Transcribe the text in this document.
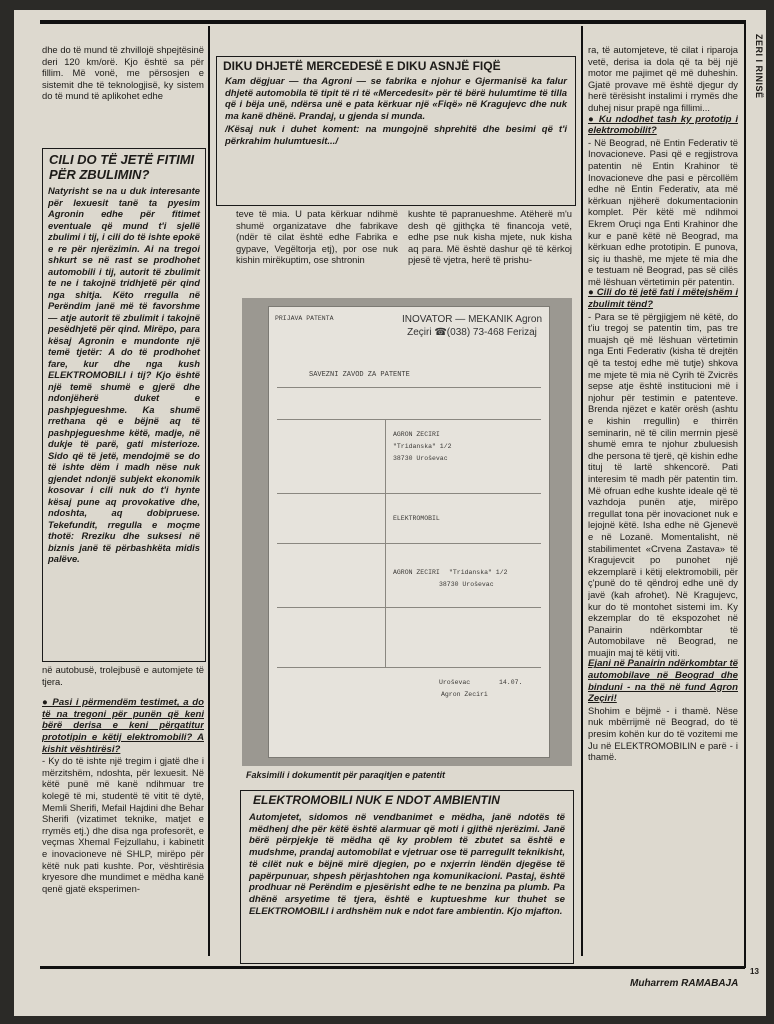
ZERI I RINISË

dhe do të mund të zhvillojë shpejtësinë deri 120 km/orë. Kjo është sa për fillim. Më vonë, me përsosjen e sistemit dhe të teknologjisë, ky sistem do të mund të aplikohet edhe

CILI DO TË JETË FITIMI PËR ZBULIMIN?

Natyrisht se na u duk interesante për lexuesit tanë ta pyesim Agronin edhe për fitimet eventuale që mund t'i sjellë zbulimi i tij, i cili do të ishte epokë e re për njerëzimin. Ai na tregoi shkurt se në rast se prodhohet automobili i tij, autorit të zbulimit te ne i takojnë tridhjetë për qind nga shitja. Këto rregulla në Perëndim janë më të favorshme — atje autorit të zbulimit i takojnë pesëdhjetë për qind. Mirëpo, para kësaj Agronin e mundonte një temë tjetër: A do të prodhohet fare, kur dhe nga kush ELEKTROMOBILI i tij? Kjo është një temë shumë e gjerë dhe ndonjëherë duket e pashpjegueshme. Ka shumë rrethana që e bëjnë aq të pashpjegueshme këtë, madje, në dukje të parë, gati misterioze. Sido që të jetë, mendojmë se do të ishte dëm i madh nëse nuk gjendet ndonjë subjekt ekonomik kosovar i cili nuk do t'i hynte kësaj pune aq provokative dhe, ndoshta, aq dobipruese. Tekefundit, rregulla e moçme thotë: Rreziku dhe suksesi në biznis janë të përbashkëta midis palëve.

në autobusë, trolejbusë e automjete të tjera.

● Pasi i përmendëm testimet, a do të na tregoni për punën që keni bërë derisa e keni përgatitur prototipin e këtij elektromobili? A kishit vështirësi?

- Ky do të ishte një tregim i gjatë dhe i mërzitshëm, ndoshta, për lexuesit. Në këtë punë më kanë ndihmuar tre kolegë të mi, studentë të vitit të dytë, Memli Sherifi, Mefail Hajdini dhe Behar Sherifi (vizatimet teknike, matjet e rrymës etj.) dhe disa nga profesorët, e veçmas Xhemal Fejzullahu, i kabinetit e inovacioneve në SHLP, mirëpo për këtë nuk pati kushte. Por, vështirësia kryesore dhe mundimet e mëdha kanë qenë gjatë eksperimen-

DIKU DHJETË MERCEDESË E DIKU ASNJË FIQË

Kam dëgjuar — tha Agroni — se fabrika e njohur e Gjermanisë ka falur dhjetë automobila të tipit të ri të «Mercedesit» për të bërë hulumtime të tilla që i bëja unë, ndërsa unë e pata kërkuar një «Fiqë» në Kragujevc dhe nuk ma kanë dhënë. Prandaj, u gjenda si munda.

/Kësaj nuk i duhet koment: na mungojnë shprehitë dhe besimi që t'i përkrahim hulumtuesit.../

teve të mia. U pata kërkuar ndihmë shumë organizatave dhe fabrikave (ndër të cilat është edhe Fabrika e gypave, Vegëltorja etj), por ose nuk kishin mirëkuptim, ose shtronin

kushte të papranueshme. Atëherë m'u desh që gjithçka të financoja vetë, edhe pse nuk kisha mjete, nuk kisha aq para. Më është dashur që të kërkoj pjesë të vjetra, herë të prishu-

PRIJAVA PATENTA	INOVATOR — MEKANIK Agron Zeçiri ☎(038) 73-468 Ferizaj
SAVEZNI ZAVOD ZA PATENTE
AGRON ZECIRI
"Tridanska" 1/2
38730 Uroševac
ELEKTROMOBIL
AGRON ZECIRI "Tridanska" 1/2
38730 Uroševac
Uroševac	14.07.
Agron Zeciri
Faksimili i dokumentit për paraqitjen e patentit
ELEKTROMOBILI NUK E NDOT AMBIENTIN

Automjetet, sidomos në vendbanimet e mëdha, janë ndotës të mëdhenj dhe për këtë është alarmuar që moti i gjithë njerëzimi. Janë bërë përpjekje të mëdha që ky problem të zbutet sa është e mudshme, prandaj automobilat e vjetruar ose të parregullt teknikisht, të cilët nuk e bëjnë mirë djegien, po e nxjerrin lëndën djegëse të papërpunuar, shpesh përjashtohen nga komunikacioni. Pastaj, është prodhuar në Perëndim e pjesërisht edhe te ne benzina pa plumb. Pa dhënë arsyetime të tjera, është e kuptueshme kur thuhet se ELEKTROMOBILI i ardhshëm nuk e ndot fare ambientin. Kjo mjafton.

ra, të automjeteve, të cilat i riparoja vetë, derisa ia dola që ta bëj një motor me pajimet që më duheshin. Gjatë provave më është djegur dy herë tërësisht instalimi i rrymës dhe duhej nisur prapë nga fillimi...

● Ku ndodhet tash ky prototip i elektromobilit?

- Në Beograd, në Entin Federativ të Inovacioneve. Pasi që e regjistrova patentin në Entin Krahinor të Inovacioneve dhe pasi e përcollëm edhe në Entin Federativ, ata më kërkuan njëherë dokumentacionin komplet. Për këtë më ndihmoi Ekrem Oruçi nga Enti Krahinor dhe kur e panë këtë në Beograd, ma kërkuan edhe prototipin. E punova, siç iu thashë, me mjete të mia dhe e testuam në Beograd, pas së cilës më lëshuan vërtetimin për patentin.

● Cili do të jetë fati i mëtejshëm i zbulimit tënd?

- Para se të përgjigjem në këtë, do t'iu tregoj se patentin tim, pas tre muajsh që më lëshuan vërtetimin nga Enti Federativ (kisha të drejtën që ta testoj edhe më tutje) shkova me mjete të mia në Cyrih të Zvicrës sepse atje është institucioni më i njohur për testimin e patenteve. Brenda njëzet e katër orësh (ashtu e kishin rregullin) e thirrën seminarin, në të cilin merrnin pjesë shumë emra te njohur zbuluesish dhe persona të tjerë, që kishin edhe tituj të lartë shkencorë. Pati interesim të madh për patentin tim. Më ofruan edhe kushte ideale që të vazhdoja punën atje, mirëpo rregullat tona për inovacionet nuk e lejojnë këtë. Isha edhe në Gjenevë e në Lozanë. Momentalisht, në stabilimentet «Crvena Zastava» të Kragujevcit po punohet një ekzemplarë i këtij elektromobili, për ç'punë do të qëndroj edhe unë dy javë (kah afrohet). Në Kragujevc, kur do të montohet sistemi im. Ky ekzemplar do të ekspozohet në Panairin ndërkombtar të Automobilave në Beograd, ne muajin maj të këtij viti.

Ejani në Panairin ndërkombtar të automobilave në Beograd dhe binduni - na thë në fund Agron Zeçiri!

Shohim e bëjmë - i thamë. Nëse nuk mbërrijmë në Beograd, do të presim kohën kur do të vozitemi me Ju në ELEKTROMOBILIN e parë - i thamë.

Muharrem RAMABAJA
13
